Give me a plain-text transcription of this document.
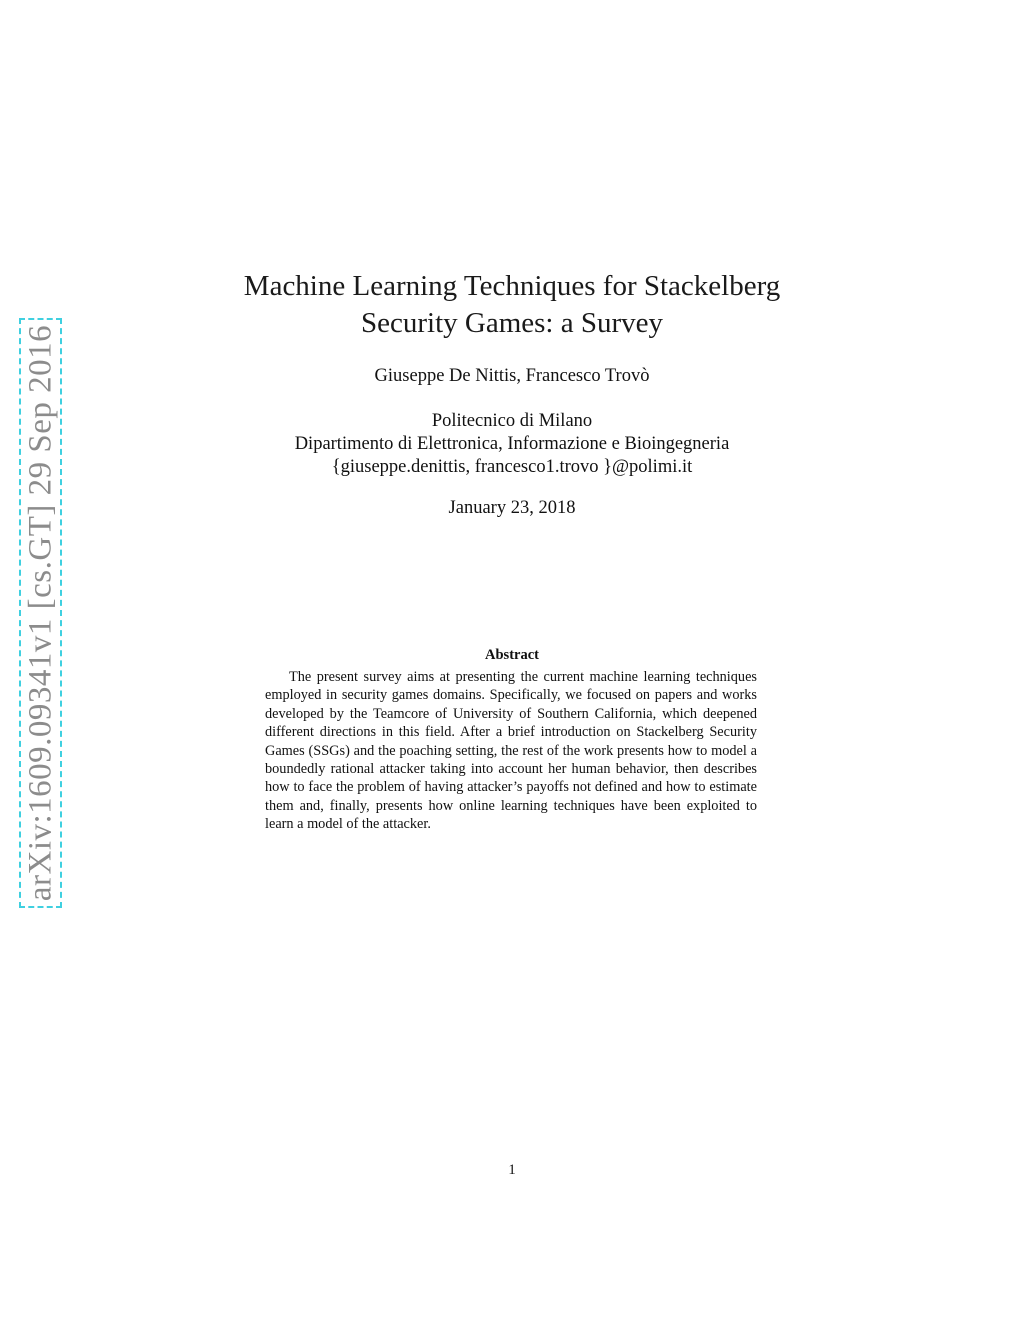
arXiv:1609.09341v1 [cs.GT] 29 Sep 2016
Machine Learning Techniques for Stackelberg
Security Games: a Survey
Giuseppe De Nittis, Francesco Trovò
Politecnico di Milano
Dipartimento di Elettronica, Informazione e Bioingegneria
{giuseppe.denittis, francesco1.trovo }@polimi.it
January 23, 2018
Abstract

The present survey aims at presenting the current machine learning techniques employed in security games domains. Specifically, we focused on papers and works developed by the Teamcore of University of Southern California, which deepened different directions in this field. After a brief introduction on Stackelberg Security Games (SSGs) and the poaching setting, the rest of the work presents how to model a boundedly rational attacker taking into account her human behavior, then describes how to face the problem of having attacker’s payoffs not defined and how to estimate them and, finally, presents how online learning techniques have been exploited to learn a model of the attacker.

1
